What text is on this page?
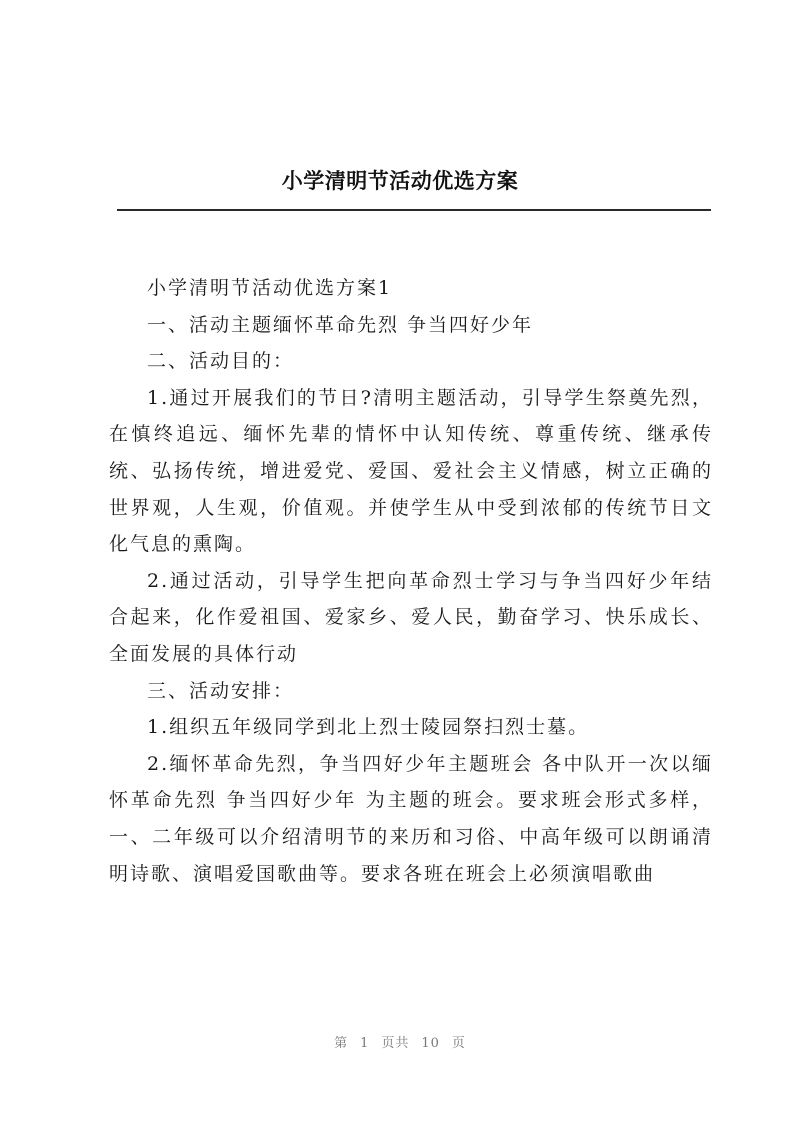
小学清明节活动优选方案

小学清明节活动优选方案1

一、活动主题缅怀革命先烈 争当四好少年

二、活动目的：

1.通过开展我们的节日?清明主题活动，引导学生祭奠先烈，在慎终追远、缅怀先辈的情怀中认知传统、尊重传统、继承传统、弘扬传统，增进爱党、爱国、爱社会主义情感，树立正确的世界观，人生观，价值观。并使学生从中受到浓郁的传统节日文化气息的熏陶。

2.通过活动，引导学生把向革命烈士学习与争当四好少年结合起来，化作爱祖国、爱家乡、爱人民，勤奋学习、快乐成长、全面发展的具体行动

三、活动安排：

1.组织五年级同学到北上烈士陵园祭扫烈士墓。

2.缅怀革命先烈，争当四好少年主题班会 各中队开一次以缅怀革命先烈 争当四好少年 为主题的班会。要求班会形式多样，一、二年级可以介绍清明节的来历和习俗、中高年级可以朗诵清明诗歌、演唱爱国歌曲等。要求各班在班会上必须演唱歌曲

第 1 页共 10 页
